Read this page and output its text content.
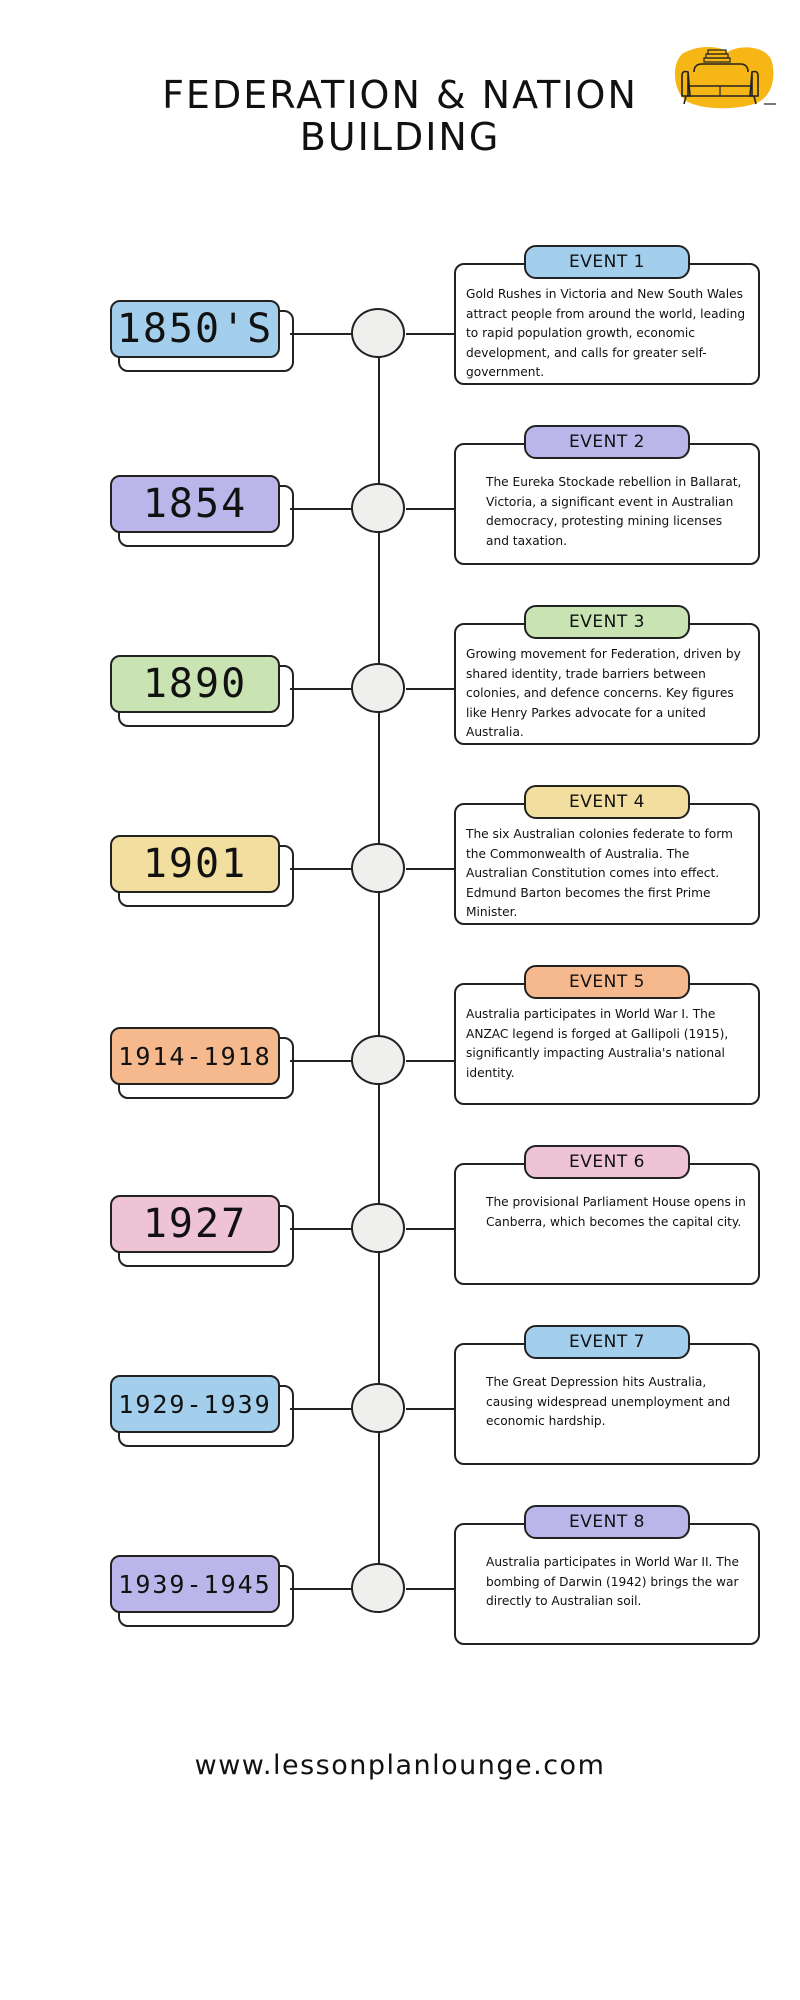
FEDERATION & NATION
BUILDING
1850'S
Gold Rushes in Victoria and New South Wales attract people from around the world, leading to rapid population growth, economic development, and calls for greater self-government.
EVENT 1
1854	The Eureka Stockade rebellion in Ballarat, Victoria, a significant event in Australian democracy, protesting mining licenses and taxation.
EVENT 2
1890
Growing movement for Federation, driven by shared identity, trade barriers between colonies, and defence concerns. Key figures like Henry Parkes advocate for a united Australia.
EVENT 3
1901
The six Australian colonies federate to form the Commonwealth of Australia. The Australian Constitution comes into effect. Edmund Barton becomes the first Prime Minister.
EVENT 4
1914-1918
Australia participates in World War I. The ANZAC legend is forged at Gallipoli (1915), significantly impacting Australia's national identity.
EVENT 5
1927	The provisional Parliament House opens in Canberra, which becomes the capital city.
EVENT 6
1929-1939
The Great Depression hits Australia, causing widespread unemployment and economic hardship.
EVENT 7
1939-1945
Australia participates in World War II. The bombing of Darwin (1942) brings the war directly to Australian soil.
EVENT 8
www.lessonplanlounge.com
